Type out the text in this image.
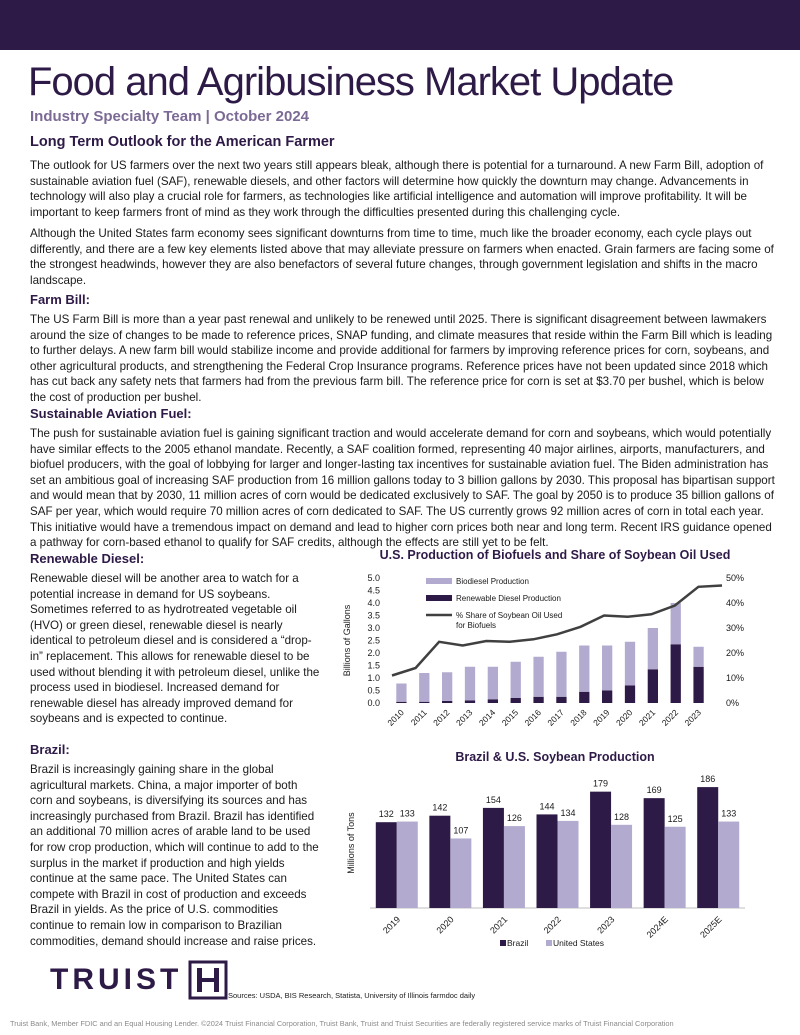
Food and Agribusiness Market Update
Industry Specialty Team | October 2024
Long Term Outlook for the American Farmer

The outlook for US farmers over the next two years still appears bleak, although there is potential for a turnaround. A new Farm Bill, adoption of sustainable aviation fuel (SAF), renewable diesels, and other factors will determine how quickly the downturn may change. Advancements in technology will also play a crucial role for farmers, as technologies like artificial intelligence and automation will improve profitability. It will be important to keep farmers front of mind as they work through the difficulties presented during this challenging cycle.

Although the United States farm economy sees significant downturns from time to time, much like the broader economy, each cycle plays out differently, and there are a few key elements listed above that may alleviate pressure on farmers when enacted. Grain farmers are facing some of the strongest headwinds, however they are also benefactors of several future changes, through government legislation and shifts in the macro landscape.

Farm Bill:

The US Farm Bill is more than a year past renewal and unlikely to be renewed until 2025. There is significant disagreement between lawmakers around the size of changes to be made to reference prices, SNAP funding, and climate measures that reside within the Farm Bill which is leading to further delays. A new farm bill would stabilize income and provide additional for farmers by improving reference prices for corn, soybeans, and other agricultural products, and strengthening the Federal Crop Insurance programs. Reference prices have not been updated since 2018 which has cut back any safety nets that farmers had from the previous farm bill. The reference price for corn is set at $3.70 per bushel, which is below the cost of production per bushel.

Sustainable Aviation Fuel:

The push for sustainable aviation fuel is gaining significant traction and would accelerate demand for corn and soybeans, which would potentially have similar effects to the 2005 ethanol mandate. Recently, a SAF coalition formed, representing 40 major airlines, airports, manufacturers, and biofuel producers, with the goal of lobbying for larger and longer-lasting tax incentives for sustainable aviation fuel. The Biden administration has set an ambitious goal of increasing SAF production from 16 million gallons today to 3 billion gallons by 2030. This proposal has bipartisan support and would mean that by 2030, 11 million acres of corn would be dedicated exclusively to SAF. The goal by 2050 is to produce 35 billion gallons of SAF per year, which would require 70 million acres of corn dedicated to SAF. The US currently grows 92 million acres of corn in total each year. This initiative would have a tremendous impact on demand and lead to higher corn prices both near and long term. Recent IRS guidance opened a pathway for corn-based ethanol to qualify for SAF credits, although the effects are still yet to be felt.

Renewable Diesel:

Renewable diesel will be another area to watch for a potential increase in demand for US soybeans. Sometimes referred to as hydrotreated vegetable oil (HVO) or green diesel, renewable diesel is nearly identical to petroleum diesel and is considered a “drop-in” replacement. This allows for renewable diesel to be used without blending it with petroleum diesel, unlike the process used in biodiesel. Increased demand for renewable diesel has already improved demand for soybeans and is expected to continue.

Brazil:

Brazil is increasingly gaining share in the global agricultural markets. China, a major importer of both corn and soybeans, is diversifying its sources and has increasingly purchased from Brazil. Brazil has identified an additional 70 million acres of arable land to be used for row crop production, which will continue to add to the surplus in the market if production and high yields continue at the same pace. The United States can compete with Brazil in cost of production and exceeds Brazil in yields. As the price of U.S. commodities continue to remain low in comparison to Brazilian commodities, demand should increase and raise prices.

U.S. Production of Biofuels and Share of Soybean Oil Used
Billions of Gallons
0.0
0.5
1.0
1.5
2.0
2.5
3.0
3.5
4.0
4.5
5.0
0%
10%
20%
30%
40%
50%
2010 2011 2012 2013 2014 2015 2016 2017 2018 2019 2020 2021 2022 2023
Biodiesel Production
Renewable Diesel Production
% Share of Soybean Oil Used
for Biofuels
Brazil & U.S. Soybean Production
Millions of Tons	132 133
2019
142
107
2020
154
126
2021
144
134
2022
179
128
2023
169
125
2024E
186
133
2025E
Brazil	United States
TRUIST	Sources: USDA, BIS Research, Statista, University of Illinois farmdoc daily
Truist Bank, Member FDIC and an Equal Housing Lender. ©2024 Truist Financial Corporation, Truist Bank, Truist and Truist Securities are federally registered service marks of Truist Financial Corporation
